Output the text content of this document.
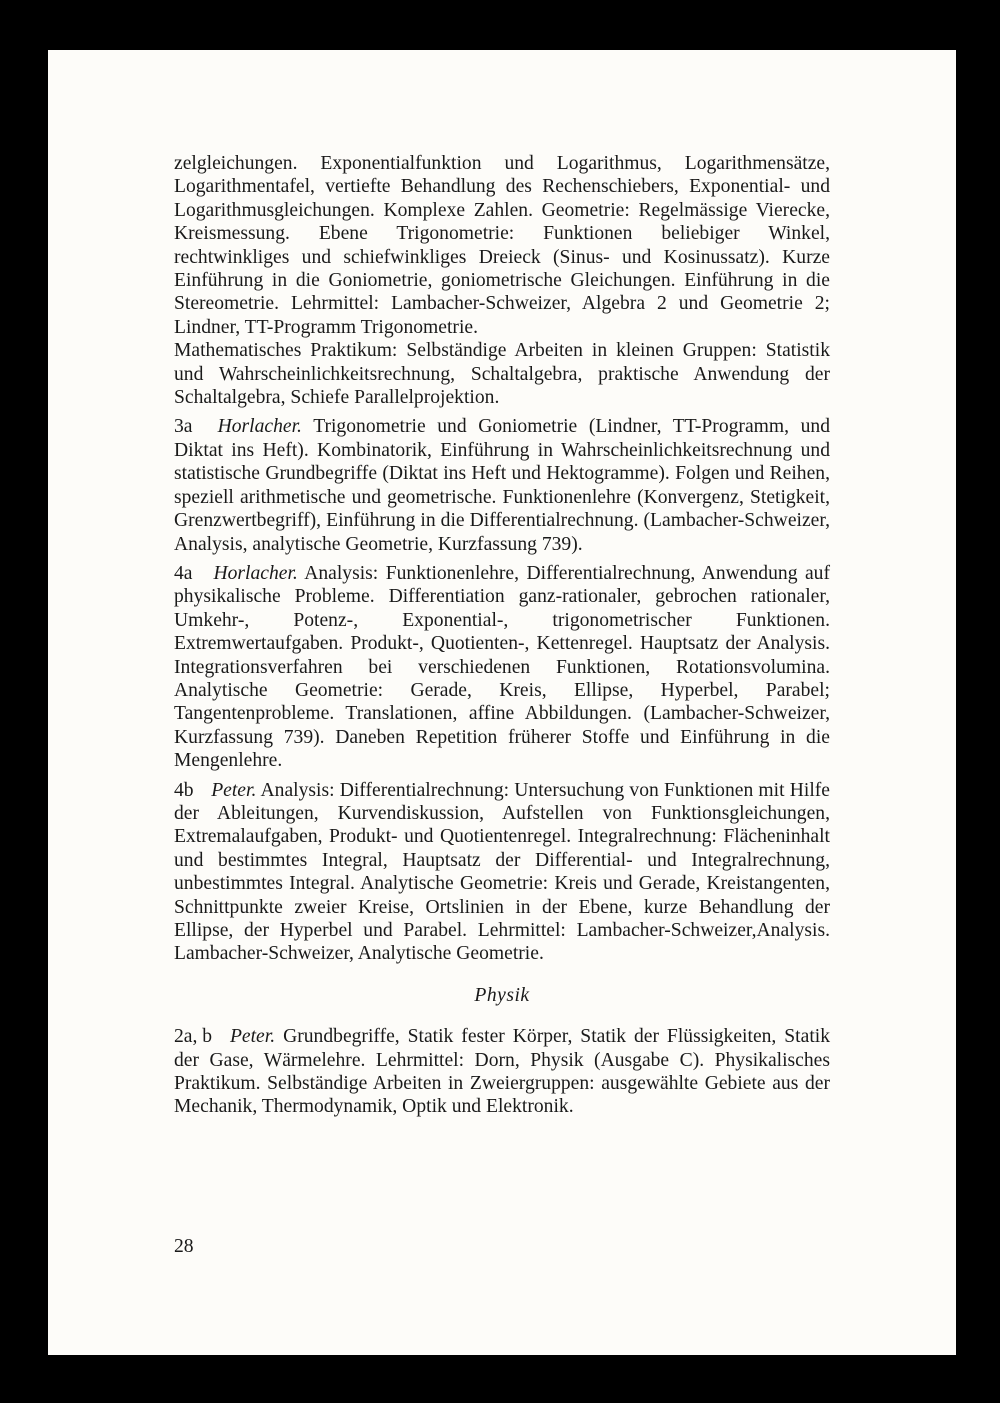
zelgleichungen. Exponentialfunktion und Logarithmus, Logarithmensätze, Logarithmentafel, vertiefte Behandlung des Rechenschiebers, Exponential- und Logarithmusgleichungen. Komplexe Zahlen. Geometrie: Regelmässige Vierecke, Kreismessung. Ebene Trigonometrie: Funktionen beliebiger Winkel, rechtwinkliges und schiefwinkliges Dreieck (Sinus- und Kosinussatz). Kurze Einführung in die Goniometrie, goniometrische Gleichungen. Einführung in die Stereometrie. Lehrmittel: Lambacher-Schweizer, Algebra 2 und Geometrie 2; Lindner, TT-Programm Trigonometrie.

Mathematisches Praktikum: Selbständige Arbeiten in kleinen Gruppen: Statistik und Wahrscheinlichkeitsrechnung, Schaltalgebra, praktische Anwendung der Schaltalgebra, Schiefe Parallelprojektion.

3a Horlacher. Trigonometrie und Goniometrie (Lindner, TT-Programm, und Diktat ins Heft). Kombinatorik, Einführung in Wahrscheinlichkeitsrechnung und statistische Grundbegriffe (Diktat ins Heft und Hektogramme). Folgen und Reihen, speziell arithmetische und geometrische. Funktionenlehre (Konvergenz, Stetigkeit, Grenzwertbegriff), Einführung in die Differentialrechnung. (Lambacher-Schweizer, Analysis, analytische Geometrie, Kurzfassung 739).

4a Horlacher. Analysis: Funktionenlehre, Differentialrechnung, Anwendung auf physikalische Probleme. Differentiation ganz-rationaler, gebrochen rationaler, Umkehr-, Potenz-, Exponential-, trigonometrischer Funktionen. Extremwertaufgaben. Produkt-, Quotienten-, Kettenregel. Hauptsatz der Analysis. Integrationsverfahren bei verschiedenen Funktionen, Rotationsvolumina. Analytische Geometrie: Gerade, Kreis, Ellipse, Hyperbel, Parabel; Tangentenprobleme. Translationen, affine Abbildungen. (Lambacher-Schweizer, Kurzfassung 739). Daneben Repetition früherer Stoffe und Einführung in die Mengenlehre.

4b Peter. Analysis: Differentialrechnung: Untersuchung von Funktionen mit Hilfe der Ableitungen, Kurvendiskussion, Aufstellen von Funktionsgleichungen, Extremalaufgaben, Produkt- und Quotientenregel. Integralrechnung: Flächeninhalt und bestimmtes Integral, Hauptsatz der Differential- und Integralrechnung, unbestimmtes Integral. Analytische Geometrie: Kreis und Gerade, Kreistangenten, Schnittpunkte zweier Kreise, Ortslinien in der Ebene, kurze Behandlung der Ellipse, der Hyperbel und Parabel. Lehrmittel: Lambacher-Schweizer,Analysis. Lambacher-Schweizer, Analytische Geometrie.

Physik

2a, b Peter. Grundbegriffe, Statik fester Körper, Statik der Flüssigkeiten, Statik der Gase, Wärmelehre. Lehrmittel: Dorn, Physik (Ausgabe C). Physikalisches Praktikum. Selbständige Arbeiten in Zweiergruppen: ausgewählte Gebiete aus der Mechanik, Thermodynamik, Optik und Elektronik.

28
